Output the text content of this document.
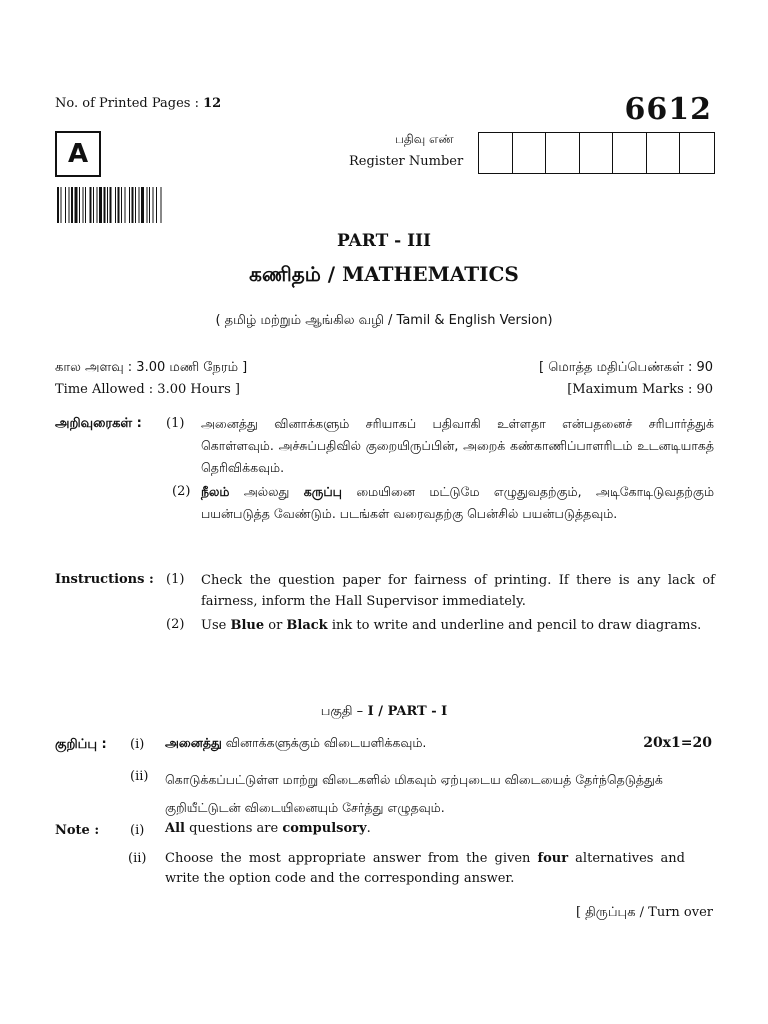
No. of Printed Pages : 12	6612
A	பதிவு எண்
Register Number
PART - III
கணிதம் / MATHEMATICS
( தமிழ் மற்றும் ஆங்கில வழி / Tamil & English Version)
கால அளவு : 3.00 மணி நேரம் ]
Time Allowed : 3.00 Hours ]
[ மொத்த மதிப்பெண்கள் : 90
[Maximum Marks : 90
அறிவுரைகள் : (1) அனைத்து வினாக்களும் சரியாகப் பதிவாகி உள்ளதா என்பதனைச் சரிபார்த்துக் கொள்ளவும். அச்சுப்பதிவில் குறையிருப்பின், அறைக் கண்காணிப்பாளரிடம் உடனடியாகத் தெரிவிக்கவும்.
(2) நீலம் அல்லது கருப்பு மையினை மட்டுமே எழுதுவதற்கும், அடிகோடிடுவதற்கும் பயன்படுத்த வேண்டும். படங்கள் வரைவதற்கு பென்சில் பயன்படுத்தவும்.
Instructions : (1) Check the question paper for fairness of printing. If there is any lack of fairness, inform the Hall Supervisor immediately.
(2) Use Blue or Black ink to write and underline and pencil to draw diagrams.
பகுதி – I / PART - I
குறிப்பு : (i) அனைத்து வினாக்களுக்கும் விடையளிக்கவும்.	20x1=20
(ii) கொடுக்கப்பட்டுள்ள மாற்று விடைகளில் மிகவும் ஏற்புடைய விடையைத் தேர்ந்தெடுத்துக் குறியீட்டுடன் விடையினையும் சேர்த்து எழுதவும்.
Note : (i) All questions are compulsory.
(ii) Choose the most appropriate answer from the given four alternatives and write the option code and the corresponding answer.
[ திருப்புக / Turn over
